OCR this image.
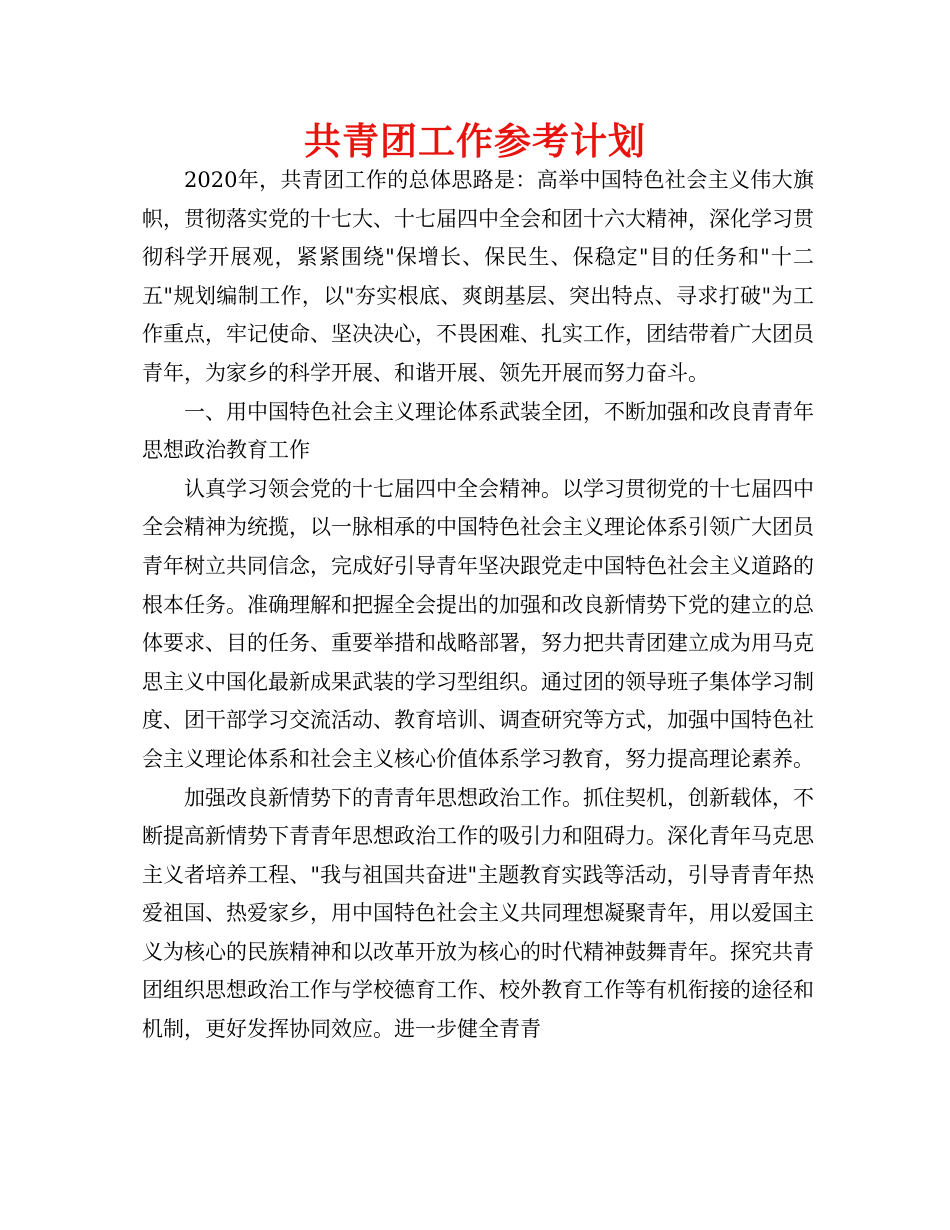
共青团工作参考计划

2020年，共青团工作的总体思路是：高举中国特色社会主义伟大旗帜，贯彻落实党的十七大、十七届四中全会和团十六大精神，深化学习贯彻科学开展观，紧紧围绕"保增长、保民生、保稳定"目的任务和"十二五"规划编制工作，以"夯实根底、爽朗基层、突出特点、寻求打破"为工作重点，牢记使命、坚决决心，不畏困难、扎实工作，团结带着广大团员青年，为家乡的科学开展、和谐开展、领先开展而努力奋斗。

一、用中国特色社会主义理论体系武装全团，不断加强和改良青青年思想政治教育工作

认真学习领会党的十七届四中全会精神。以学习贯彻党的十七届四中全会精神为统揽，以一脉相承的中国特色社会主义理论体系引领广大团员青年树立共同信念，完成好引导青年坚决跟党走中国特色社会主义道路的根本任务。准确理解和把握全会提出的加强和改良新情势下党的建立的总体要求、目的任务、重要举措和战略部署，努力把共青团建立成为用马克思主义中国化最新成果武装的学习型组织。通过团的领导班子集体学习制度、团干部学习交流活动、教育培训、调查研究等方式，加强中国特色社会主义理论体系和社会主义核心价值体系学习教育，努力提高理论素养。

加强改良新情势下的青青年思想政治工作。抓住契机，创新载体，不断提高新情势下青青年思想政治工作的吸引力和阻碍力。深化青年马克思主义者培养工程、"我与祖国共奋进"主题教育实践等活动，引导青青年热爱祖国、热爱家乡，用中国特色社会主义共同理想凝聚青年，用以爱国主义为核心的民族精神和以改革开放为核心的时代精神鼓舞青年。探究共青团组织思想政治工作与学校德育工作、校外教育工作等有机衔接的途径和机制，更好发挥协同效应。进一步健全青青
